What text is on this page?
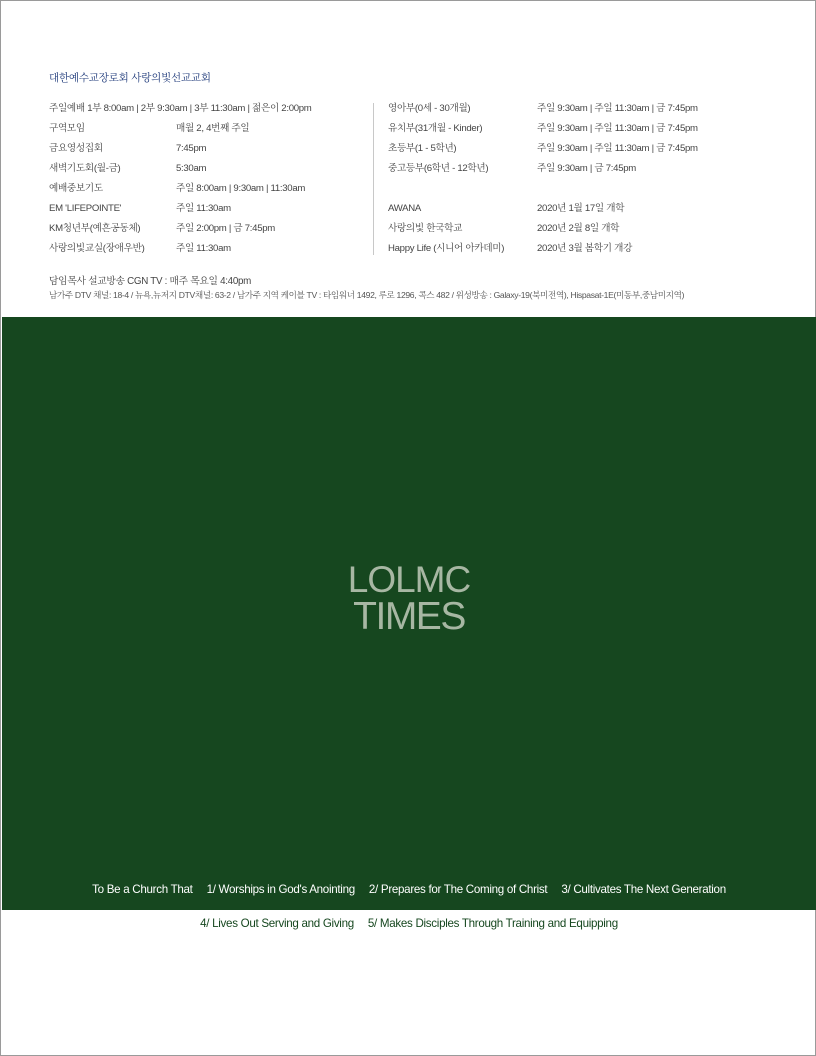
대한예수교장로회 사랑의빛선교교회
주일예배 1부 8:00am | 2부 9:30am | 3부 11:30am | 젊은이 2:00pm
구역모임	매월 2, 4번째 주일
금요영성집회	7:45pm
새벽기도회(월-금)	5:30am
예배중보기도	주일 8:00am | 9:30am | 11:30am
EM 'LIFEPOINTE'	주일 11:30am
KM청년부(예흔공동체)	주일 2:00pm | 금 7:45pm
사랑의빛교실(장애우반)	주일 11:30am
영아부(0세 - 30개월)	주일 9:30am | 주일 11:30am | 금 7:45pm
유치부(31개월 - Kinder)	주일 9:30am | 주일 11:30am | 금 7:45pm
초등부(1 - 5학년)	주일 9:30am | 주일 11:30am | 금 7:45pm
중고등부(6학년 - 12학년)	주일 9:30am | 금 7:45pm
AWANA	2020년 1월 17일 개학
사랑의빛 한국학교	2020년 2월 8일 개학
Happy Life (시니어 아카데미)	2020년 3월 봄학기 개강
담임목사 설교방송 CGN TV : 매주 목요일 4:40pm
남가주 DTV 채널: 18-4 / 뉴욕,뉴저지 DTV채널: 63-2 / 남가주 지역 케이블 TV : 타임워너 1492, 루로 1296, 콕스 482 / 위성방송 : Galaxy-19(북미전역), Hispasat-1E(미동부,중남미지역)
LOLMC
TIMES
To Be a Church That 1/ Worships in God's Anointing 2/ Prepares for The Coming of Christ 3/ Cultivates The Next Generation
4/ Lives Out Serving and Giving 5/ Makes Disciples Through Training and Equipping
